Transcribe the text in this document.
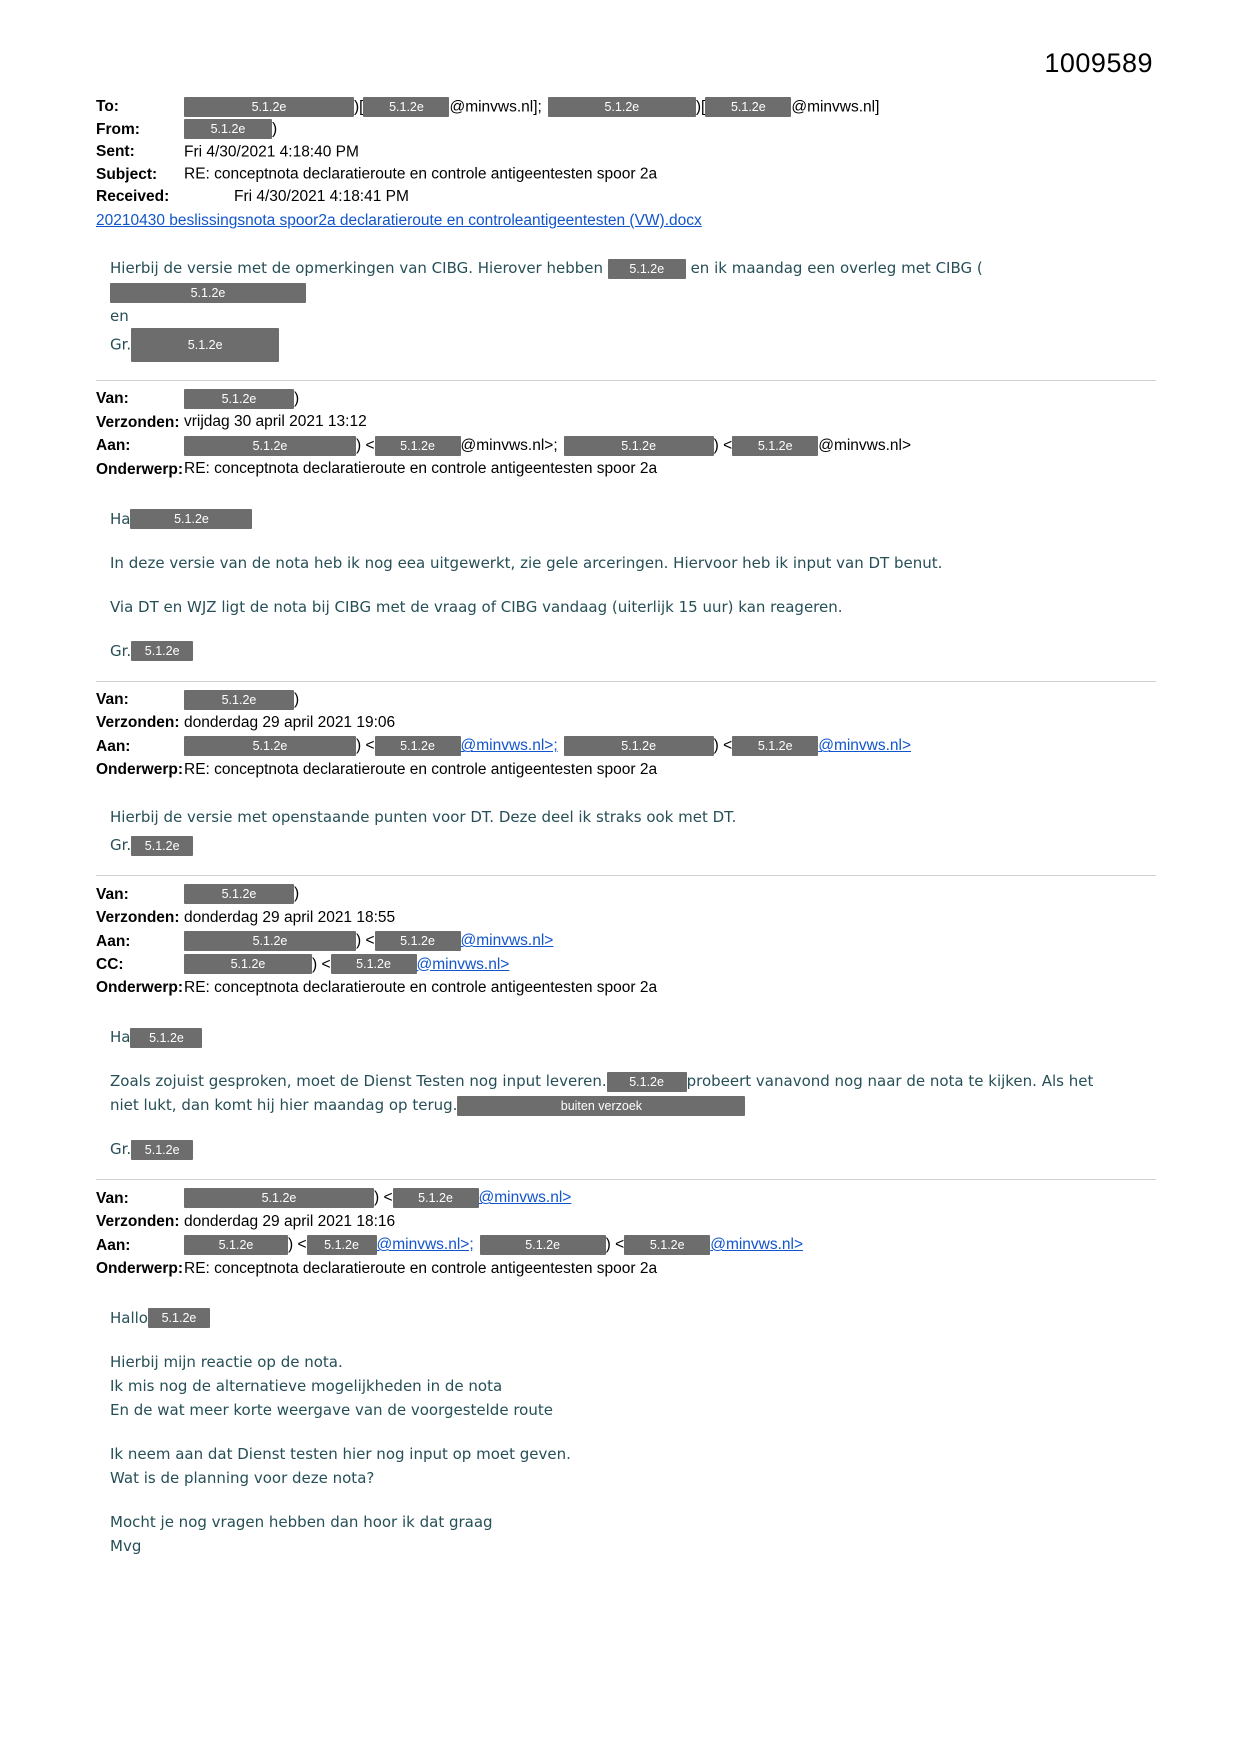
1009589
To:	5.1.2e	)[ 5.1.2e @minvws.nl];	5.1.2e	)[ 5.1.2e @minvws.nl]
From:	5.1.2e )
Sent:	Fri 4/30/2021 4:18:40 PM
Subject: RE: conceptnota declaratieroute en controle antigeentesten spoor 2a
Received:	Fri 4/30/2021 4:18:41 PM
20210430 beslissingsnota spoor2a declaratieroute en controleantigeentesten (VW).docx
Hierbij de versie met de opmerkingen van CIBG. Hierover hebben 5.1.2e en ik maandag een overleg met CIBG ( 5.1.2e
en
Gr.	5.1.2e
Van:	5.1.2e )
Verzonden: vrijdag 30 april 2021 13:12
Aan:	5.1.2e	) < 5.1.2e @minvws.nl>;	5.1.2e	) < 5.1.2e @minvws.nl>
Onderwerp:RE: conceptnota declaratieroute en controle antigeentesten spoor 2a
Ha	5.1.2e
In deze versie van de nota heb ik nog eea uitgewerkt, zie gele arceringen. Hiervoor heb ik input van DT benut.
Via DT en WJZ ligt de nota bij CIBG met de vraag of CIBG vandaag (uiterlijk 15 uur) kan reageren.
Gr. 5.1.2e
Van:	5.1.2e )
Verzonden: donderdag 29 april 2021 19:06
Aan:	5.1.2e	) < 5.1.2e @minvws.nl>;	5.1.2e	) < 5.1.2e @minvws.nl>
Onderwerp:RE: conceptnota declaratieroute en controle antigeentesten spoor 2a
Hierbij de versie met openstaande punten voor DT. Deze deel ik straks ook met DT.
Gr. 5.1.2e
Van:	5.1.2e )
Verzonden: donderdag 29 april 2021 18:55
Aan:	5.1.2e	) < 5.1.2e @minvws.nl>
CC:	5.1.2e	) < 5.1.2e @minvws.nl>
Onderwerp:RE: conceptnota declaratieroute en controle antigeentesten spoor 2a
Ha 5.1.2e
Zoals zojuist gesproken, moet de Dienst Testen nog input leveren. 5.1.2e probeert vanavond nog naar de nota te kijken. Als het
niet lukt, dan komt hij hier maandag op terug.	buiten verzoek
Gr. 5.1.2e
Van:	5.1.2e	) < 5.1.2e @minvws.nl>
Verzonden: donderdag 29 april 2021 18:16
Aan:	5.1.2e ) < 5.1.2e @minvws.nl>;	5.1.2e	) < 5.1.2e @minvws.nl>
Onderwerp:RE: conceptnota declaratieroute en controle antigeentesten spoor 2a
Hallo 5.1.2e
Hierbij mijn reactie op de nota.
Ik mis nog de alternatieve mogelijkheden in de nota
En de wat meer korte weergave van de voorgestelde route
Ik neem aan dat Dienst testen hier nog input op moet geven.
Wat is de planning voor deze nota?
Mocht je nog vragen hebben dan hoor ik dat graag
Mvg
